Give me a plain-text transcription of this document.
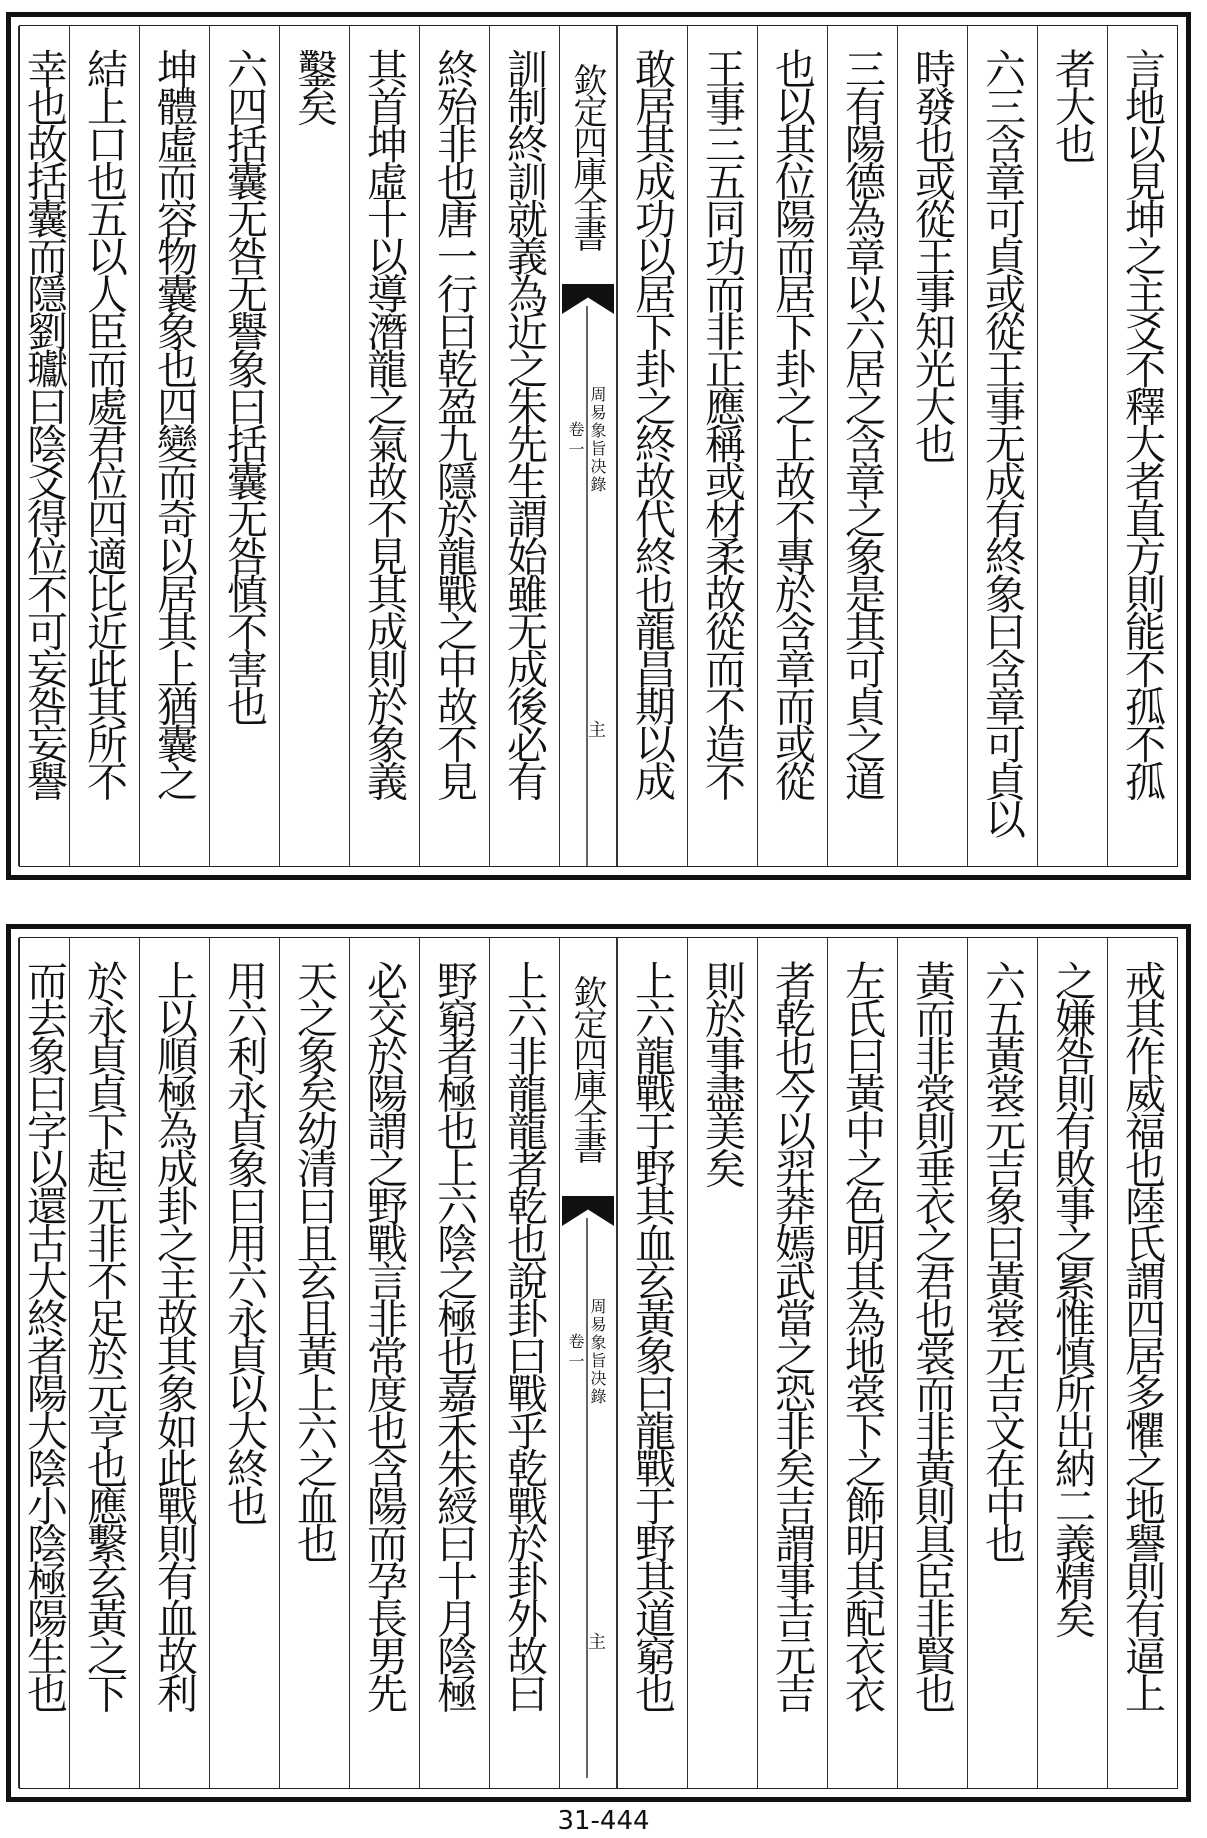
言地以見坤之主爻不釋大者直方則能不孤不孤
者大也
六三含章可貞或從王事无成有終象曰含章可貞以
時發也或從王事知光大也
三有陽德為章以六居之含章之象是其可貞之道
也以其位陽而居下卦之上故不專於含章而或從
王事三五同功而非正應稱或材柔故從而不造不
敢居其成功以居下卦之終故代終也龍昌期以成
欽定四庫全書
周易象旨决錄
卷一
主
訓制終訓就義為近之朱先生謂始雖无成後必有
終殆非也唐一行曰乾盈九隱於龍戰之中故不見
其首坤虛十以導潛龍之氣故不見其成則於象義
鑿矣
六四括囊无咎无譽象曰括囊无咎慎不害也
坤體虛而容物囊象也四變而奇以居其上猶囊之
結上口也五以人臣而處君位四適比近此其所不
幸也故括囊而隱劉瓛曰陰爻得位不可妄咎妄譽
戒其作威福也陸氏謂四居多懼之地譽則有逼上
之嫌咎則有敗事之累惟慎所出納二義精矣
六五黃裳元吉象曰黃裳元吉文在中也
黃而非裳則垂衣之君也裳而非黃則具臣非賢也
左氏曰黃中之色明其為地裳下之飾明其配衣衣
者乾也今以羿莽嫣武當之恐非矣吉謂事吉元吉
則於事盡美矣
上六龍戰于野其血玄黃象曰龍戰于野其道窮也
欽定四庫全書
周易象旨决錄
卷一
主
上六非龍龍者乾也說卦曰戰乎乾戰於卦外故曰
野窮者極也上六陰之極也嘉禾朱綬曰十月陰極
必交於陽謂之野戰言非常度也含陽而孕長男先
天之象矣幼清曰且玄且黃上六之血也
用六利永貞象曰用六永貞以大終也
上以順極為成卦之主故其象如此戰則有血故利
於永貞貞下起元非不足於元亨也應繫玄黃之下
而去象曰字以還古大終者陽大陰小陰極陽生也
31-444
